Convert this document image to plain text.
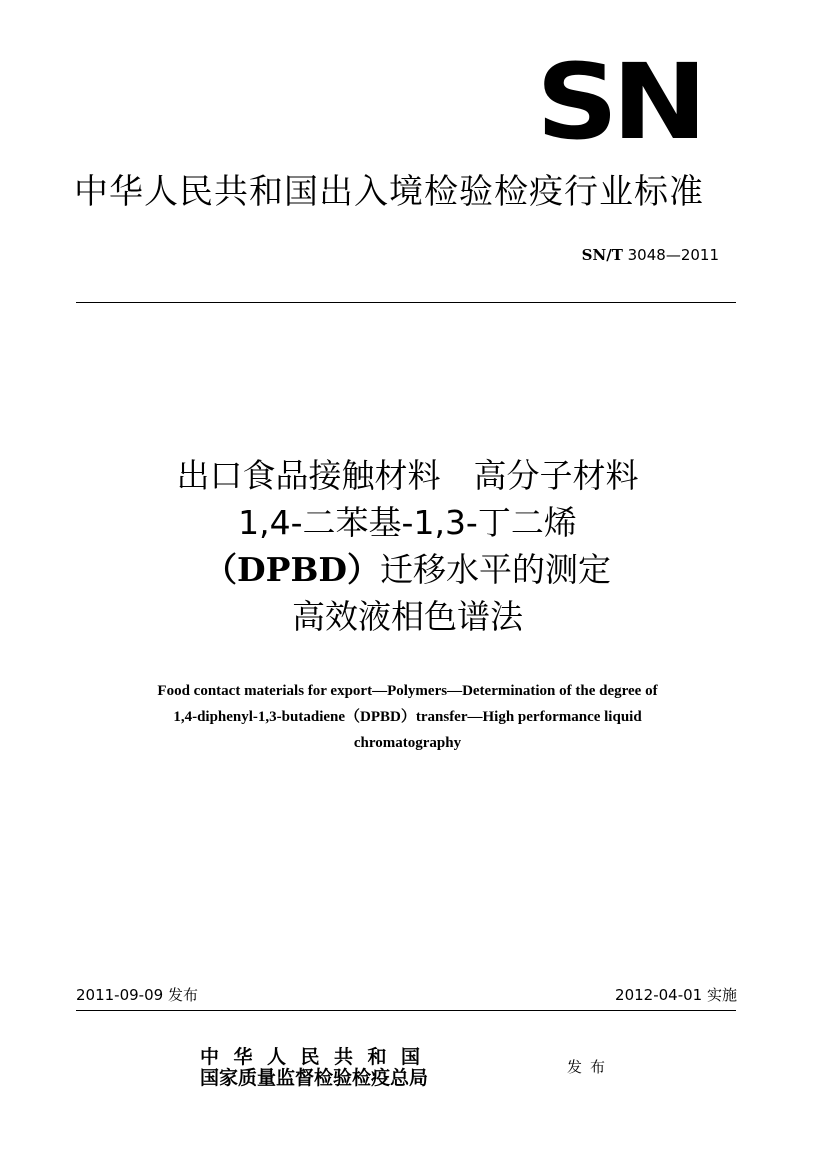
SN
中华人民共和国出入境检验检疫行业标准
SN/T 3048—2011
出口食品接触材料　高分子材料
1,4-二苯基-1,3-丁二烯
（DPBD）迁移水平的测定
高效液相色谱法
Food contact materials for export—Polymers—Determination of the degree of
1,4-diphenyl-1,3-butadiene（DPBD）transfer—High performance liquid
chromatography
2011-09-09 发布	2012-04-01 实施
中华人民共和国
国家质量监督检验检疫总局	发布
